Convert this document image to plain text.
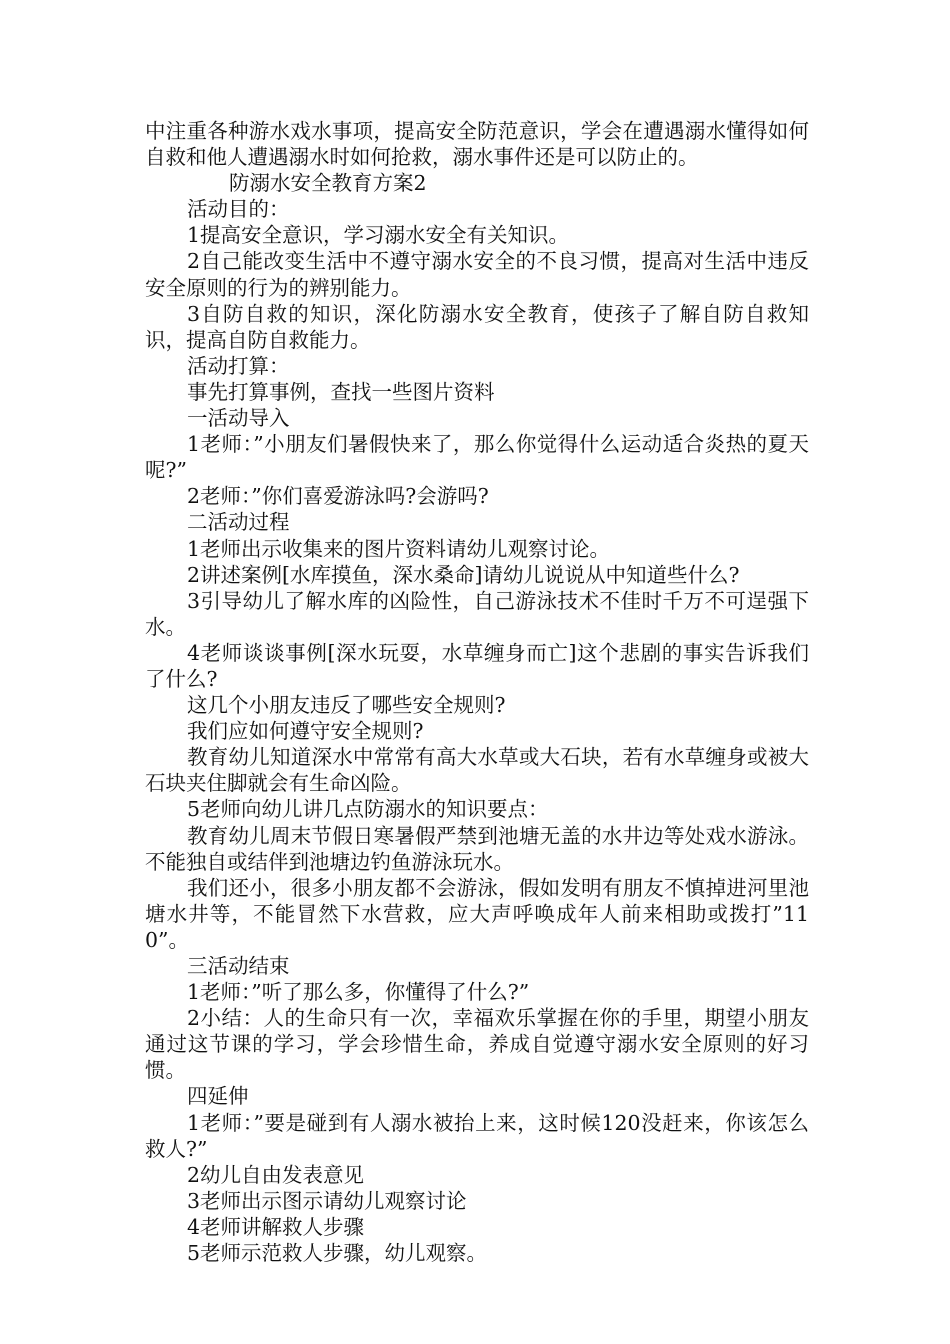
中注重各种游水戏水事项，提高安全防范意识，学会在遭遇溺水懂得如何自救和他人遭遇溺水时如何抢救，溺水事件还是可以防止的。

防溺水安全教育方案2

活动目的：

1提高安全意识，学习溺水安全有关知识。

2自己能改变生活中不遵守溺水安全的不良习惯，提高对生活中违反安全原则的行为的辨别能力。

3自防自救的知识，深化防溺水安全教育，使孩子了解自防自救知识，提高自防自救能力。

活动打算：

事先打算事例，查找一些图片资料

一活动导入

1老师：”小朋友们暑假快来了，那么你觉得什么运动适合炎热的夏天呢?”

2老师：”你们喜爱游泳吗?会游吗?

二活动过程

1老师出示收集来的图片资料请幼儿观察讨论。

2讲述案例[水库摸鱼，深水桑命]请幼儿说说从中知道些什么?

3引导幼儿了解水库的凶险性，自己游泳技术不佳时千万不可逞强下水。

4老师谈谈事例[深水玩耍，水草缠身而亡]这个悲剧的事实告诉我们了什么?

这几个小朋友违反了哪些安全规则?

我们应如何遵守安全规则?

教育幼儿知道深水中常常有高大水草或大石块，若有水草缠身或被大石块夹住脚就会有生命凶险。

5老师向幼儿讲几点防溺水的知识要点：

教育幼儿周末节假日寒暑假严禁到池塘无盖的水井边等处戏水游泳。不能独自或结伴到池塘边钓鱼游泳玩水。

我们还小，很多小朋友都不会游泳，假如发明有朋友不慎掉进河里池塘水井等，不能冒然下水营救，应大声呼唤成年人前来相助或拨打”110”。

三活动结束

1老师：”听了那么多，你懂得了什么?”

2小结：人的生命只有一次，幸福欢乐掌握在你的手里，期望小朋友通过这节课的学习，学会珍惜生命，养成自觉遵守溺水安全原则的好习惯。

四延伸

1老师：”要是碰到有人溺水被抬上来，这时候120没赶来，你该怎么救人?”

2幼儿自由发表意见

3老师出示图示请幼儿观察讨论

4老师讲解救人步骤

5老师示范救人步骤，幼儿观察。
